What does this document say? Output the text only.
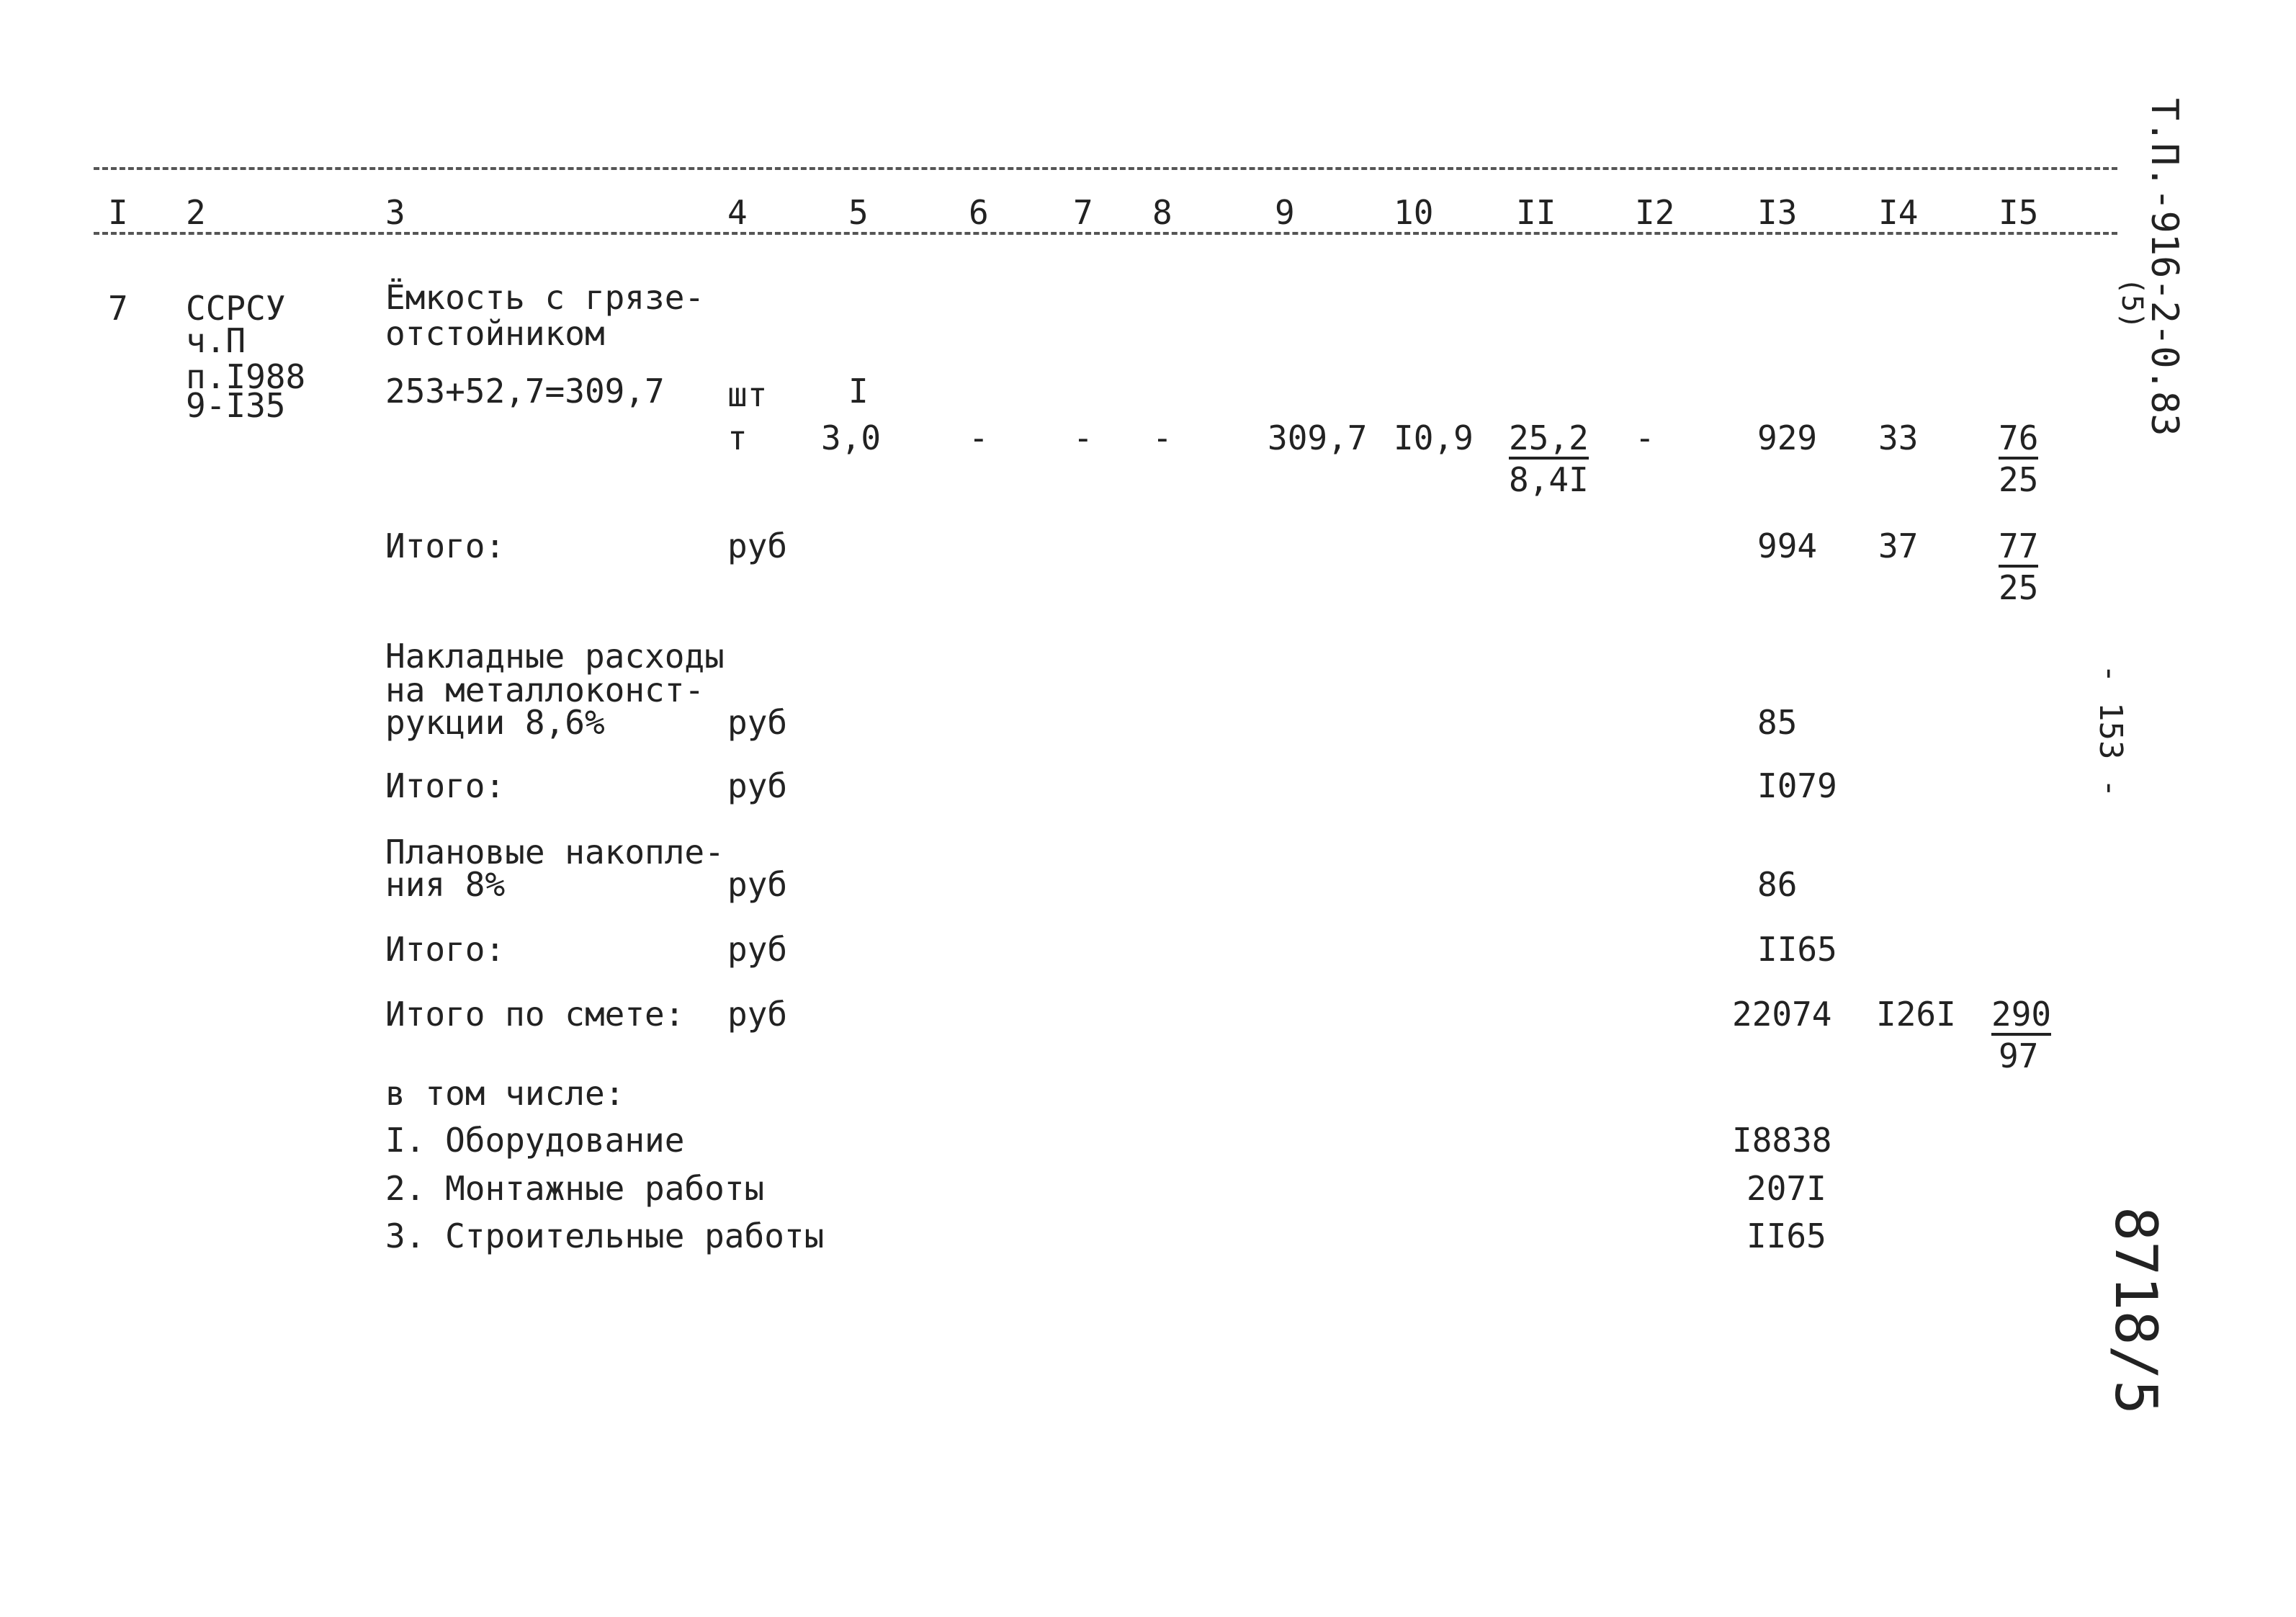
Т.П.-916-2-0.83
(5)
- 153 -
8718/5
I 2	3	4	5	6	7 8	9	10 II I2 I3 I4 I5
7 ССРСУ
ч.П
п.I988
9-I35
Ёмкость с грязе-
отстойником
253+52,7=309,7 шт I
т 3,0	-	- -	309,7 I0,9 25,2
8,4I
-	929 33 76
25
Итого:	руб	994 37 77
25
Накладные расходы
на металлоконст-
рукции 8,6%	руб	85
Итого:	руб	I079
Плановые накопле-
ния 8%	руб	86
Итого:	руб	II65
Итого по смете: руб	22074 I26I 290
97
в том числе:
I. Оборудование	I8838
2. Монтажные работы	207I
3. Строительные работы	II65
